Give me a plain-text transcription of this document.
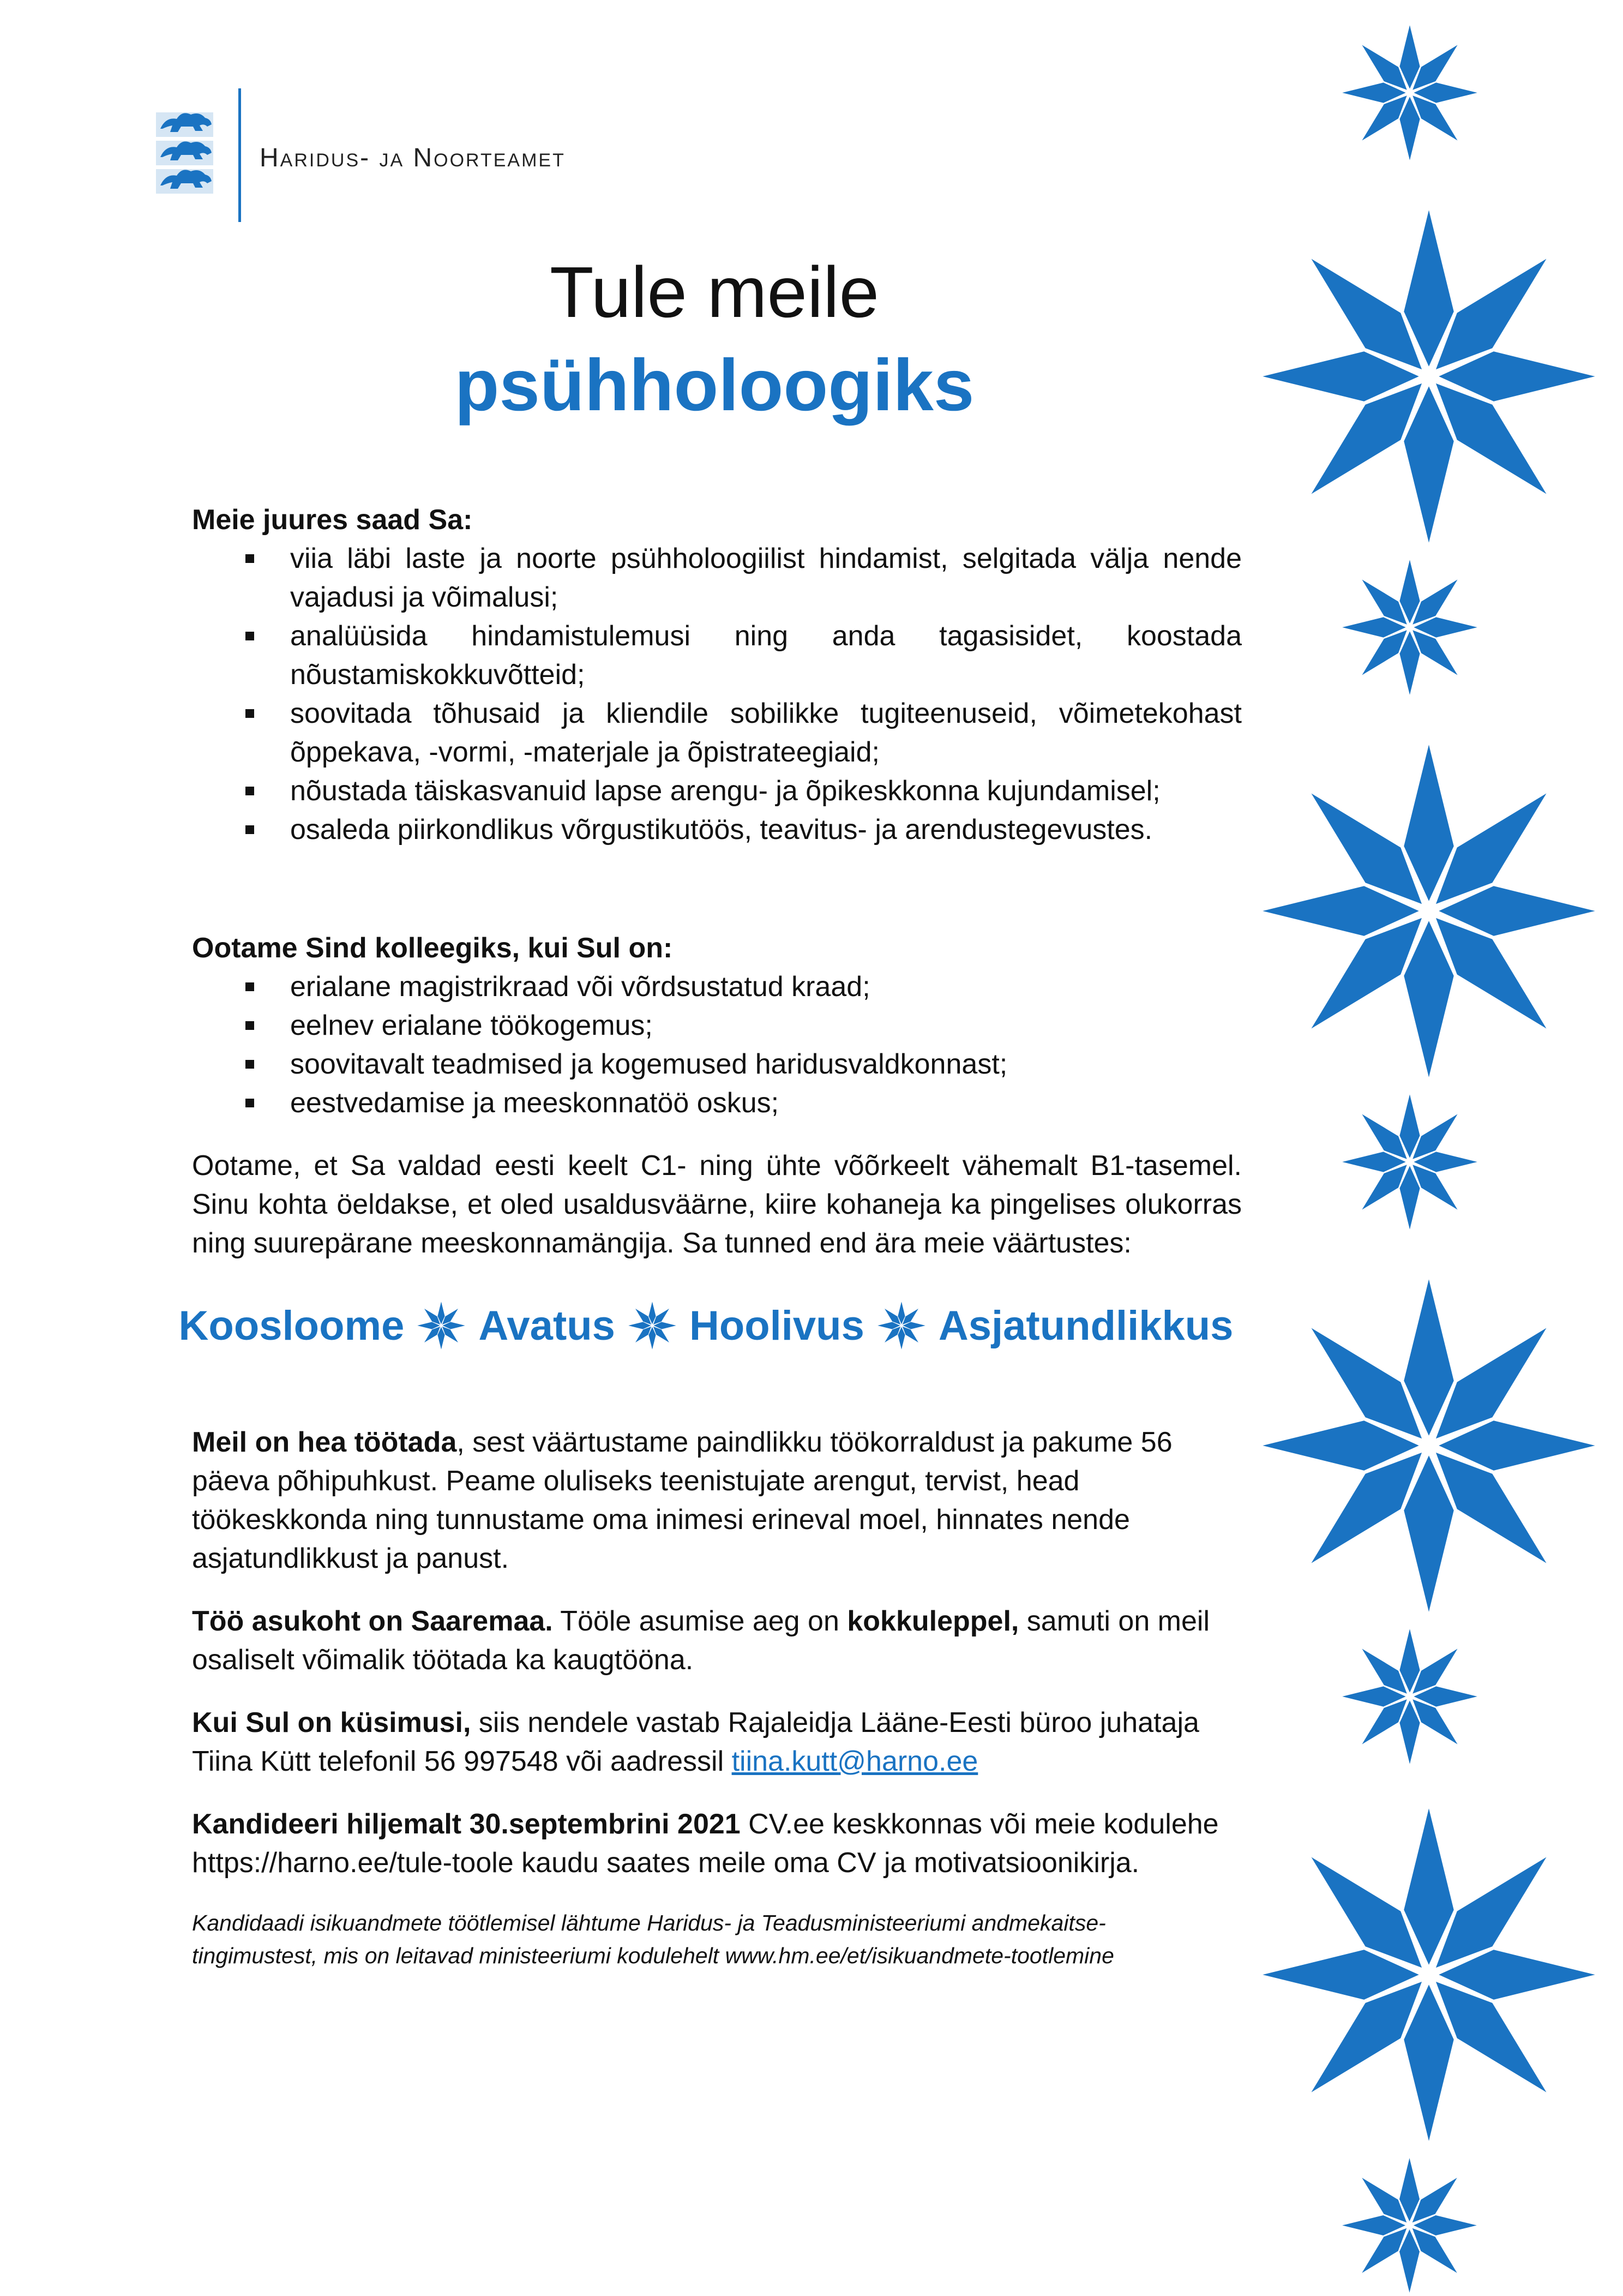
Haridus- ja Noorteamet
Tule meile
psühholoogiks

Meie juures saad Sa:

viia läbi laste ja noorte psühholoogiilist hindamist, selgitada välja nende vajadusi ja võimalusi;
analüüsida hindamistulemusi ning anda tagasisidet, koostada nõustamiskokkuvõtteid;
soovitada tõhusaid ja kliendile sobilikke tugiteenuseid, võimetekohast õppekava, -vormi, -materjale ja õpistrateegiaid;
nõustada täiskasvanuid lapse arengu- ja õpikeskkonna kujundamisel;
osaleda piirkondlikus võrgustikutöös, teavitus- ja arendustegevustes.

Ootame Sind kolleegiks, kui Sul on:

erialane magistrikraad või võrdsustatud kraad;
eelnev erialane töökogemus;
soovitavalt teadmised ja kogemused haridusvaldkonnast;
eestvedamise ja meeskonnatöö oskus;

Ootame, et Sa valdad eesti keelt C1- ning ühte võõrkeelt vähemalt B1-tasemel. Sinu kohta öeldakse, et oled usaldusväärne, kiire kohaneja ka pingelises olukorras ning suurepärane meeskonnamängija. Sa tunned end ära meie väärtustes:

Koosloome Avatus Hoolivus Asjatundlikkus

Meil on hea töötada, sest väärtustame paindlikku töökorraldust ja pakume 56 päeva põhipuhkust. Peame oluliseks teenistujate arengut, tervist, head töökeskkonda ning tunnustame oma inimesi erineval moel, hinnates nende asjatundlikkust ja panust.

Töö asukoht on Saaremaa. Tööle asumise aeg on kokkuleppel, samuti on meil osaliselt võimalik töötada ka kaugtööna.

Kui Sul on küsimusi, siis nendele vastab Rajaleidja Lääne-Eesti büroo juhataja Tiina Kütt telefonil 56 997548 või aadressil tiina.kutt@harno.ee

Kandideeri hiljemalt 30.septembrini 2021 CV.ee keskkonnas või meie kodulehe https://harno.ee/tule-toole kaudu saates meile oma CV ja motivatsioonikirja.

Kandidaadi isikuandmete töötlemisel lähtume Haridus- ja Teadusministeeriumi andmekaitse-

tingimustest, mis on leitavad ministeeriumi kodulehelt www.hm.ee/et/isikuandmete-tootlemine
